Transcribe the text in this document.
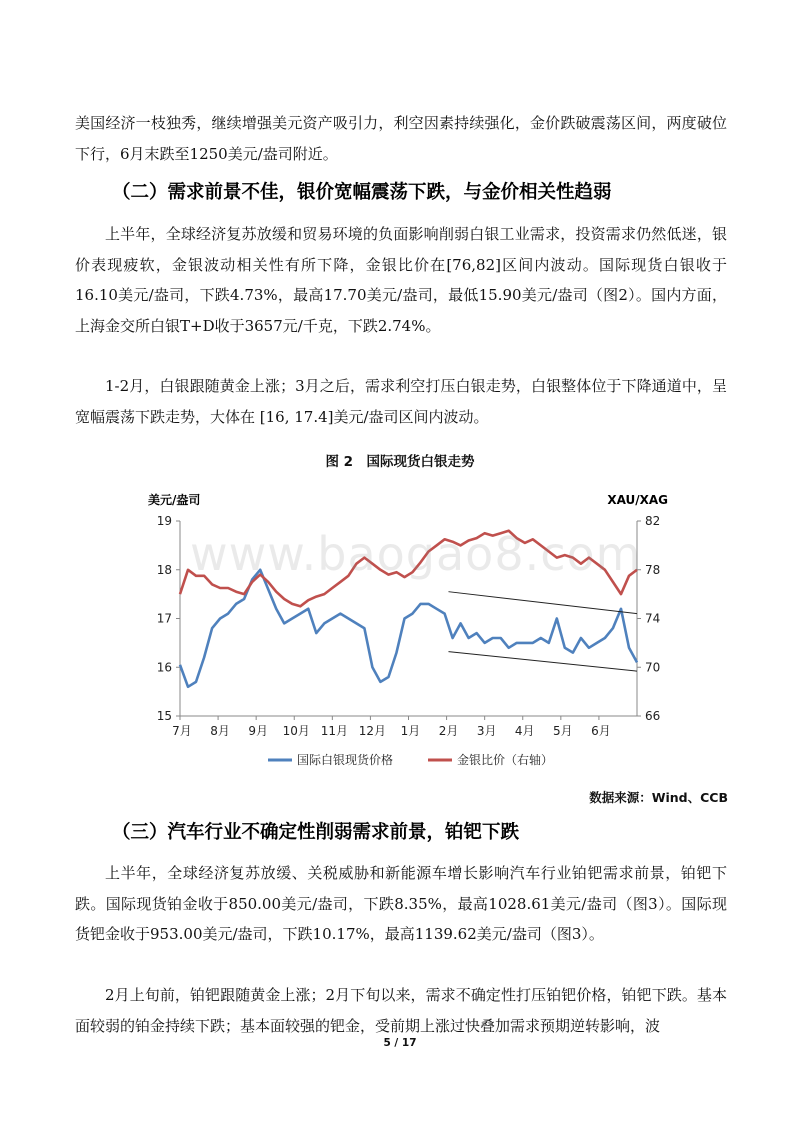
美国经济一枝独秀，继续增强美元资产吸引力，利空因素持续强化，金价跌破震荡区间，两度破位下行，6月末跌至1250美元/盎司附近。

（二）需求前景不佳，银价宽幅震荡下跌，与金价相关性趋弱

上半年，全球经济复苏放缓和贸易环境的负面影响削弱白银工业需求，投资需求仍然低迷，银价表现疲软，金银波动相关性有所下降，金银比价在[76,82]区间内波动。国际现货白银收于16.10美元/盎司，下跌4.73%，最高17.70美元/盎司，最低15.90美元/盎司（图2）。国内方面，上海金交所白银T+D收于3657元/千克，下跌2.74%。

1-2月，白银跟随黄金上涨；3月之后，需求利空打压白银走势，白银整体位于下降通道中，呈宽幅震荡下跌走势，大体在 [16, 17.4]美元/盎司区间内波动。

图 2　国际现货白银走势

美元/盎司	XAU/XAG
19
18
17
16
15
82
78
74
70
66
7月 8月 9月 10月 11月 12月 1月 2月 3月 4月 5月 6月
国际白银现货价格	金银比价（右轴）

www.baogao8.com

数据来源：Wind、CCB

（三）汽车行业不确定性削弱需求前景，铂钯下跌

上半年，全球经济复苏放缓、关税威胁和新能源车增长影响汽车行业铂钯需求前景，铂钯下跌。国际现货铂金收于850.00美元/盎司，下跌8.35%，最高1028.61美元/盎司（图3）。国际现货钯金收于953.00美元/盎司，下跌10.17%，最高1139.62美元/盎司（图3）。

2月上旬前，铂钯跟随黄金上涨；2月下旬以来，需求不确定性打压铂钯价格，铂钯下跌。基本面较弱的铂金持续下跌；基本面较强的钯金，受前期上涨过快叠加需求预期逆转影响，波

5 / 17
